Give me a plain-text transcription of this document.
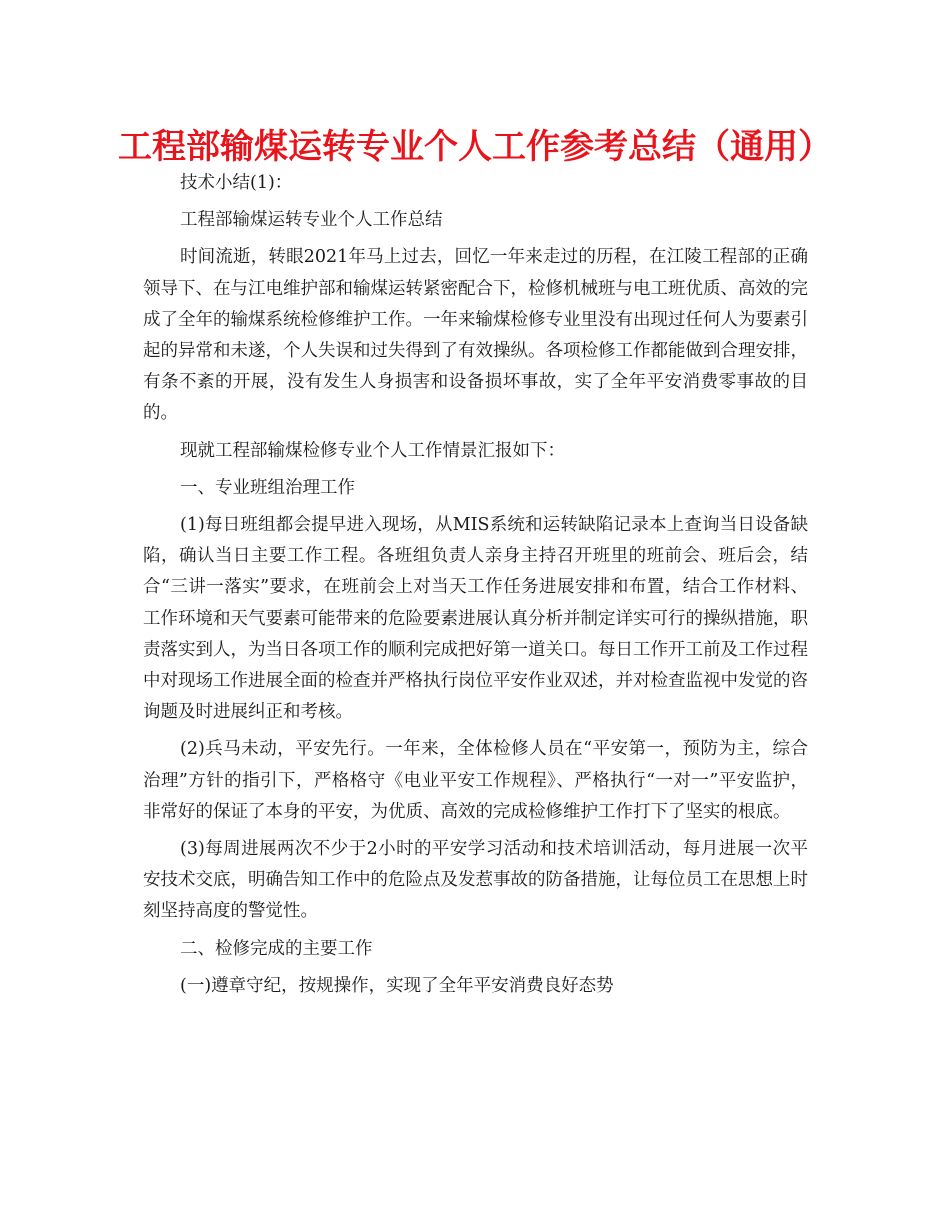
工程部输煤运转专业个人工作参考总结（通用）

技术小结(1)：

工程部输煤运转专业个人工作总结

时间流逝，转眼2021年马上过去，回忆一年来走过的历程，在江陵工程部的正确领导下、在与江电维护部和输煤运转紧密配合下，检修机械班与电工班优质、高效的完成了全年的输煤系统检修维护工作。一年来输煤检修专业里没有出现过任何人为要素引起的异常和未遂，个人失误和过失得到了有效操纵。各项检修工作都能做到合理安排，有条不紊的开展，没有发生人身损害和设备损坏事故，实了全年平安消费零事故的目的。

现就工程部输煤检修专业个人工作情景汇报如下：

一、专业班组治理工作

(1)每日班组都会提早进入现场，从MIS系统和运转缺陷记录本上查询当日设备缺陷，确认当日主要工作工程。各班组负责人亲身主持召开班里的班前会、班后会，结合“三讲一落实”要求，在班前会上对当天工作任务进展安排和布置，结合工作材料、工作环境和天气要素可能带来的危险要素进展认真分析并制定详实可行的操纵措施，职责落实到人，为当日各项工作的顺利完成把好第一道关口。每日工作开工前及工作过程中对现场工作进展全面的检查并严格执行岗位平安作业双述，并对检查监视中发觉的咨询题及时进展纠正和考核。

(2)兵马未动，平安先行。一年来，全体检修人员在“平安第一，预防为主，综合治理”方针的指引下，严格格守《电业平安工作规程》、严格执行“一对一”平安监护，非常好的保证了本身的平安，为优质、高效的完成检修维护工作打下了坚实的根底。

(3)每周进展两次不少于2小时的平安学习活动和技术培训活动，每月进展一次平安技术交底，明确告知工作中的危险点及发惹事故的防备措施，让每位员工在思想上时刻坚持高度的警觉性。

二、检修完成的主要工作

(一)遵章守纪，按规操作，实现了全年平安消费良好态势
